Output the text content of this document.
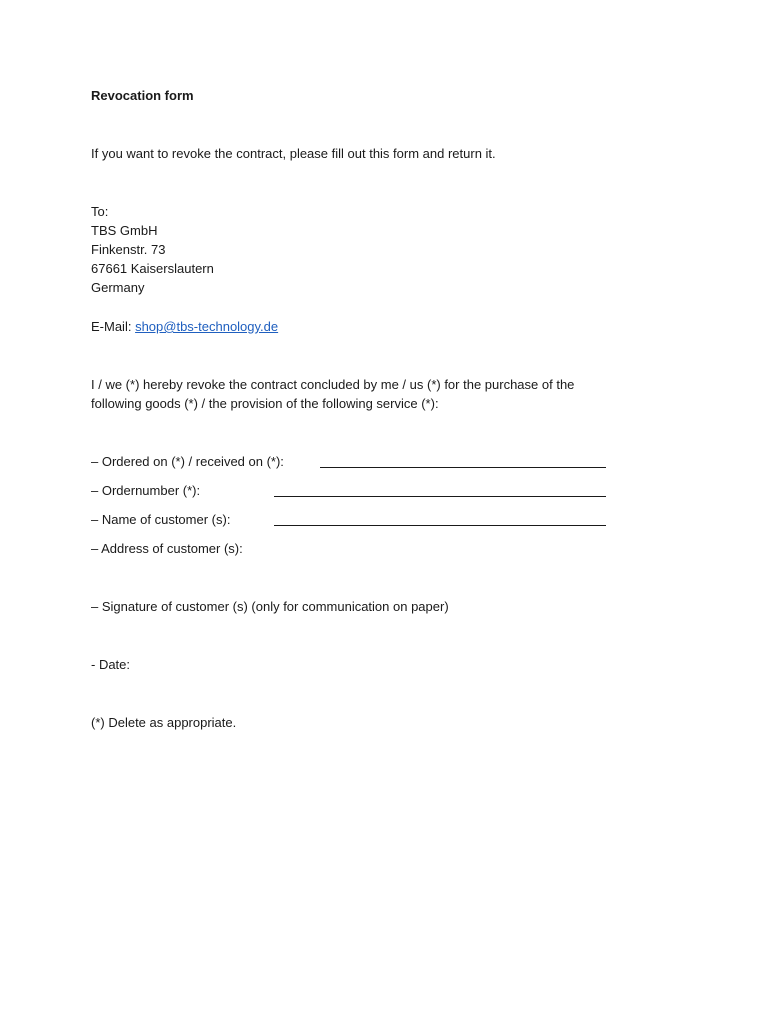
Revocation form
If you want to revoke the contract, please fill out this form and return it.
To:
TBS GmbH
Finkenstr. 73
67661 Kaiserslautern
Germany
E-Mail: shop@tbs-technology.de
I / we (*) hereby revoke the contract concluded by me / us (*) for the purchase of the
following goods (*) / the provision of the following service (*):
– Ordered on (*) / received on (*):
– Ordernumber (*):
– Name of customer (s):
– Address of customer (s):
– Signature of customer (s) (only for communication on paper)
- Date:
(*) Delete as appropriate.
